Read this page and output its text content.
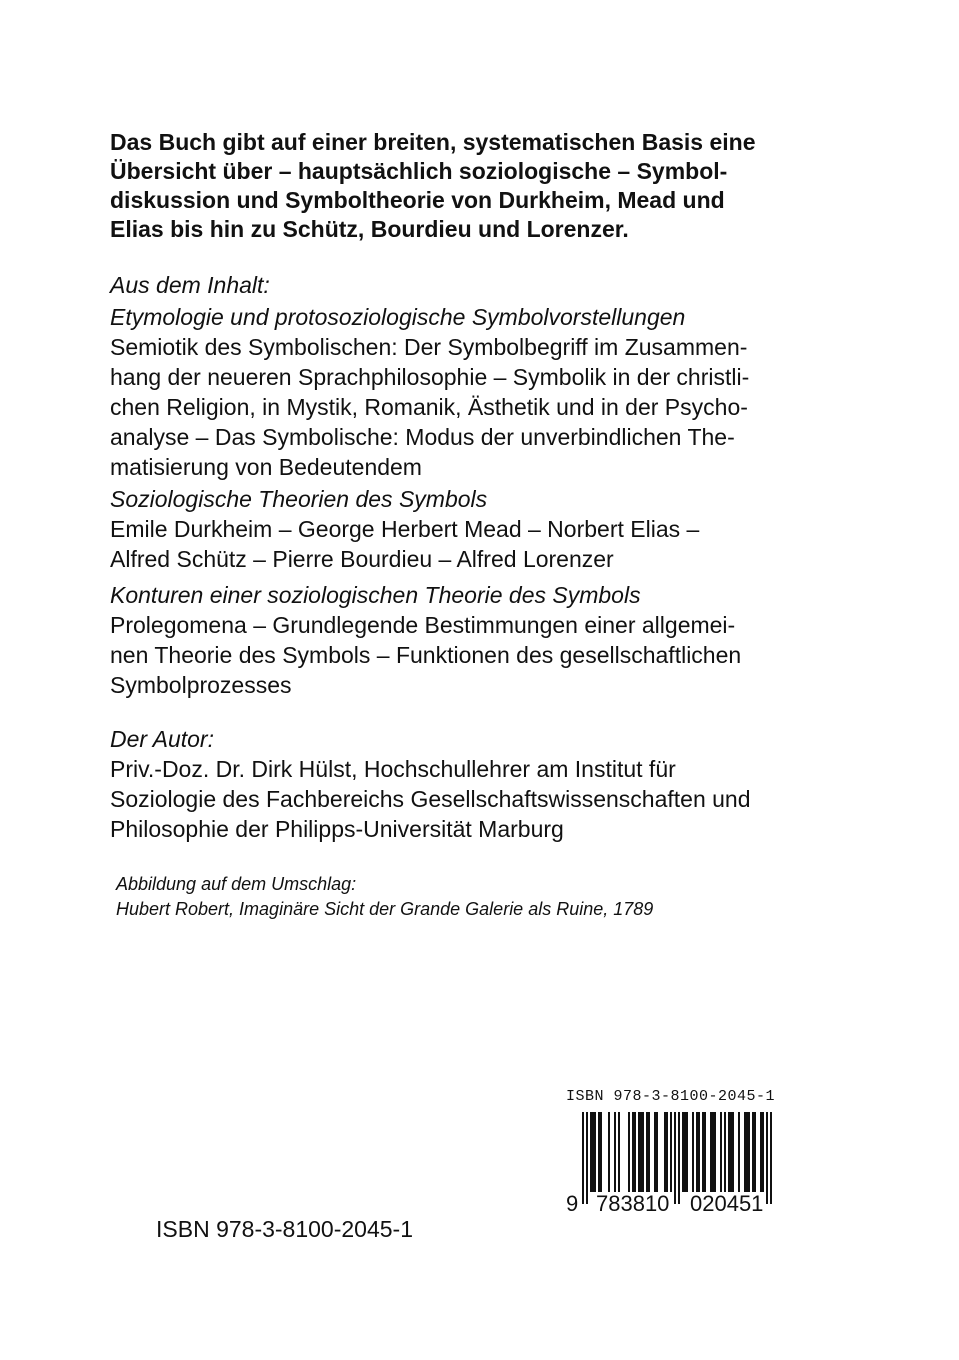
Das Buch gibt auf einer breiten, systematischen Basis eine
Übersicht über – hauptsächlich soziologische – Symbol-
diskussion und Symboltheorie von Durkheim, Mead und
Elias bis hin zu Schütz, Bourdieu und Lorenzer.
Aus dem Inhalt:
Etymologie und protosoziologische Symbolvorstellungen
Semiotik des Symbolischen: Der Symbolbegriff im Zusammen-
hang der neueren Sprachphilosophie – Symbolik in der christli-
chen Religion, in Mystik, Romanik, Ästhetik und in der Psycho-
analyse – Das Symbolische: Modus der unverbindlichen The-
matisierung von Bedeutendem
Soziologische Theorien des Symbols
Emile Durkheim – George Herbert Mead – Norbert Elias –
Alfred Schütz – Pierre Bourdieu – Alfred Lorenzer
Konturen einer soziologischen Theorie des Symbols
Prolegomena – Grundlegende Bestimmungen einer allgemei-
nen Theorie des Symbols – Funktionen des gesellschaftlichen
Symbolprozesses
Der Autor:
Priv.-Doz. Dr. Dirk Hülst, Hochschullehrer am Institut für
Soziologie des Fachbereichs Gesellschaftswissenschaften und
Philosophie der Philipps-Universität Marburg
Abbildung auf dem Umschlag:
Hubert Robert, Imaginäre Sicht der Grande Galerie als Ruine, 1789
ISBN 978-3-8100-2045-1
9 783810 020451
ISBN 978-3-8100-2045-1
